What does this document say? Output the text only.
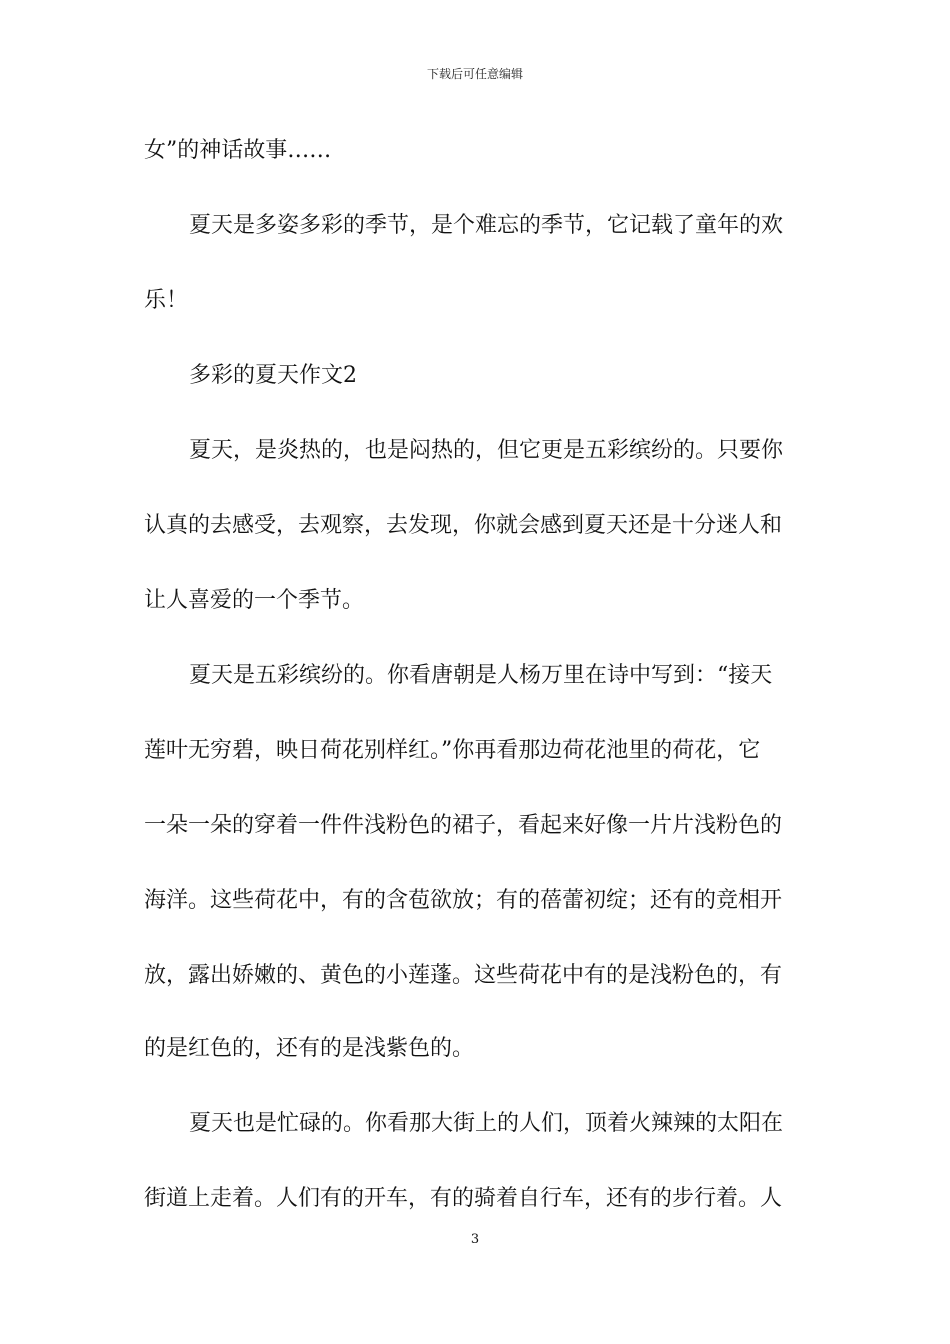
下载后可任意编辑
女”的神话故事……
夏天是多姿多彩的季节，是个难忘的季节，它记载了童年的欢
乐！
多彩的夏天作文2
夏天，是炎热的，也是闷热的，但它更是五彩缤纷的。只要你
认真的去感受，去观察，去发现，你就会感到夏天还是十分迷人和
让人喜爱的一个季节。
夏天是五彩缤纷的。你看唐朝是人杨万里在诗中写到：“接天
莲叶无穷碧，映日荷花别样红。”你再看那边荷花池里的荷花，它
一朵一朵的穿着一件件浅粉色的裙子，看起来好像一片片浅粉色的
海洋。这些荷花中，有的含苞欲放；有的蓓蕾初绽；还有的竞相开
放，露出娇嫩的、黄色的小莲蓬。这些荷花中有的是浅粉色的，有
的是红色的，还有的是浅紫色的。
夏天也是忙碌的。你看那大街上的人们，顶着火辣辣的太阳在
街道上走着。人们有的开车，有的骑着自行车，还有的步行着。人
3
